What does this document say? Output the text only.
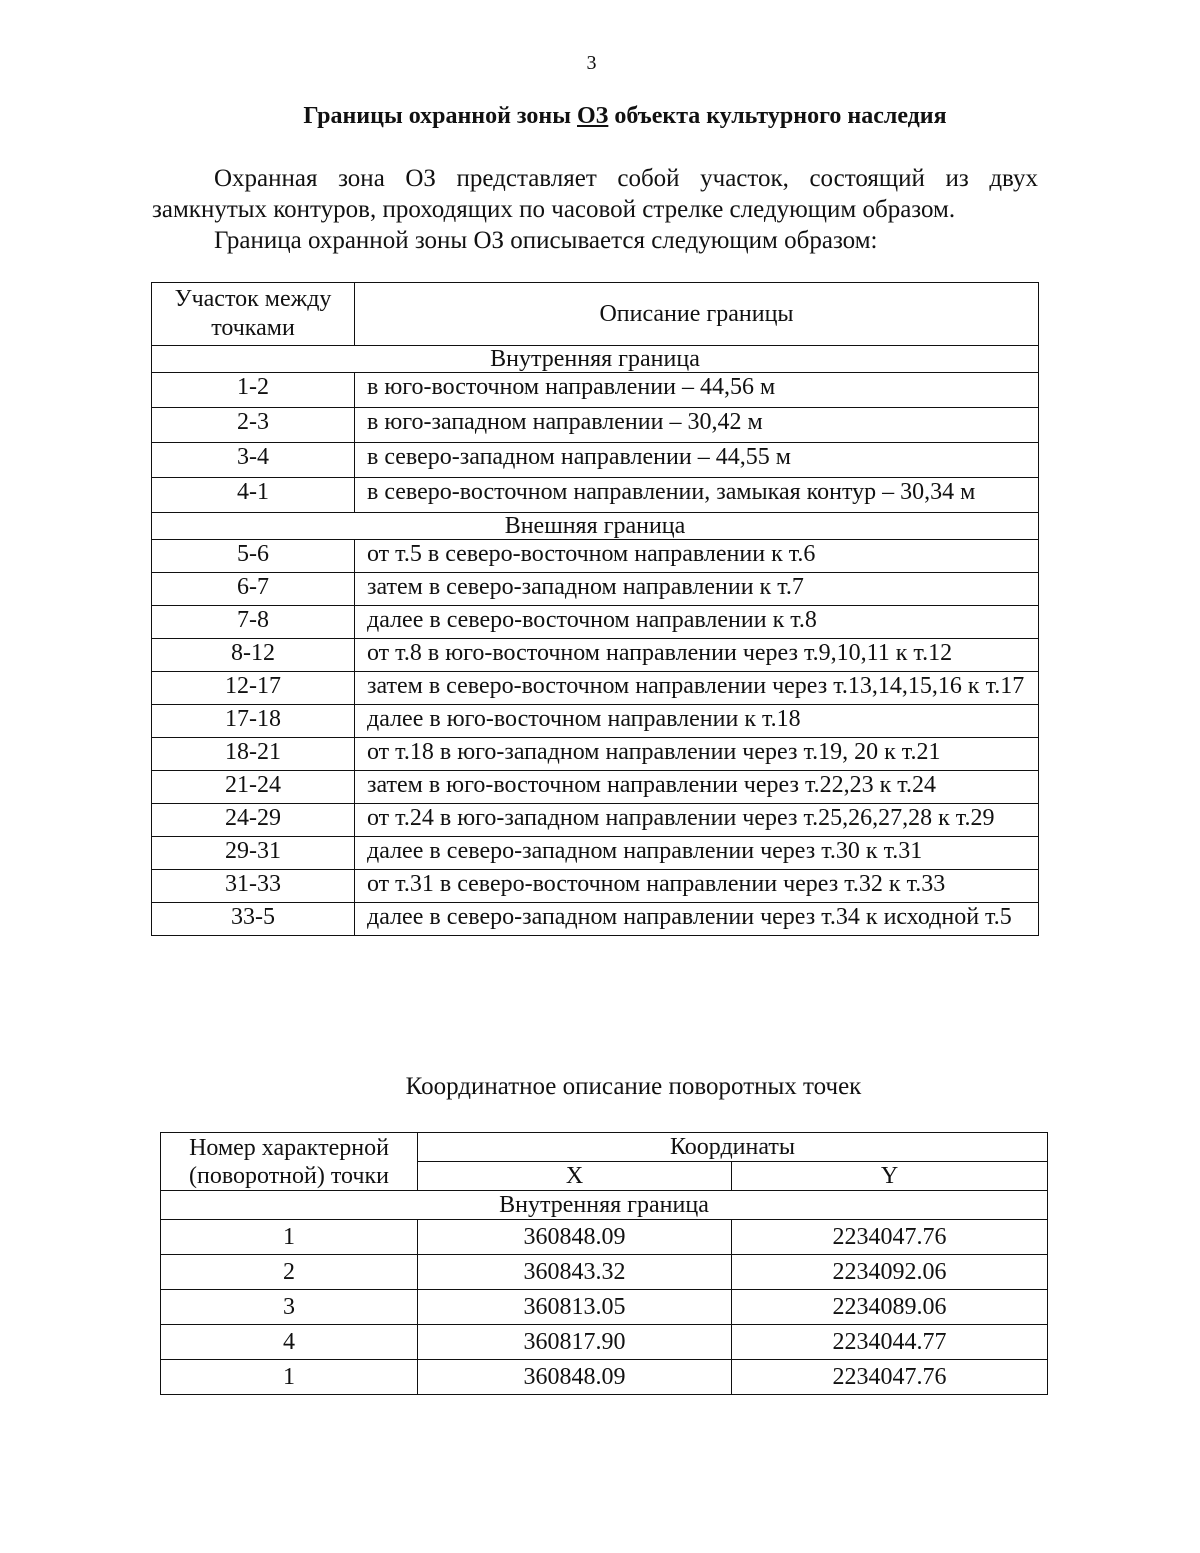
3
Границы охранной зоны ОЗ объекта культурного наследия
Охранная зона ОЗ представляет собой участок, состоящий из двух замкнутых контуров, проходящих по часовой стрелке следующим образом.
Граница охранной зоны ОЗ описывается следующим образом:
Участок между точками	Описание границы
Внутренняя граница	
1-2	в юго-восточном направлении – 44,56 м
2-3	в юго-западном направлении – 30,42 м
3-4	в северо-западном направлении – 44,55 м
4-1	в северо-восточном направлении, замыкая контур – 30,34 м
Внешняя граница	
5-6	от т.5 в северо-восточном направлении к т.6
6-7	затем в северо-западном направлении к т.7
7-8	далее в северо-восточном направлении к т.8
8-12	от т.8 в юго-восточном направлении через т.9,10,11 к т.12
12-17	затем в северо-восточном направлении через т.13,14,15,16 к т.17
17-18	далее в юго-восточном направлении к т.18
18-21	от т.18 в юго-западном направлении через т.19, 20 к т.21
21-24	затем в юго-восточном направлении через т.22,23 к т.24
24-29	от т.24 в юго-западном направлении через т.25,26,27,28 к т.29
29-31	далее в северо-западном направлении через т.30 к т.31
31-33	от т.31 в северо-восточном направлении через т.32 к т.33
33-5	далее в северо-западном направлении через т.34 к исходной т.5
Координатное описание поворотных точек
Номер характерной (поворотной) точки	Координаты	
	X	Y
Внутренняя граница		
1	360848.09	2234047.76
2	360843.32	2234092.06
3	360813.05	2234089.06
4	360817.90	2234044.77
1	360848.09	2234047.76
